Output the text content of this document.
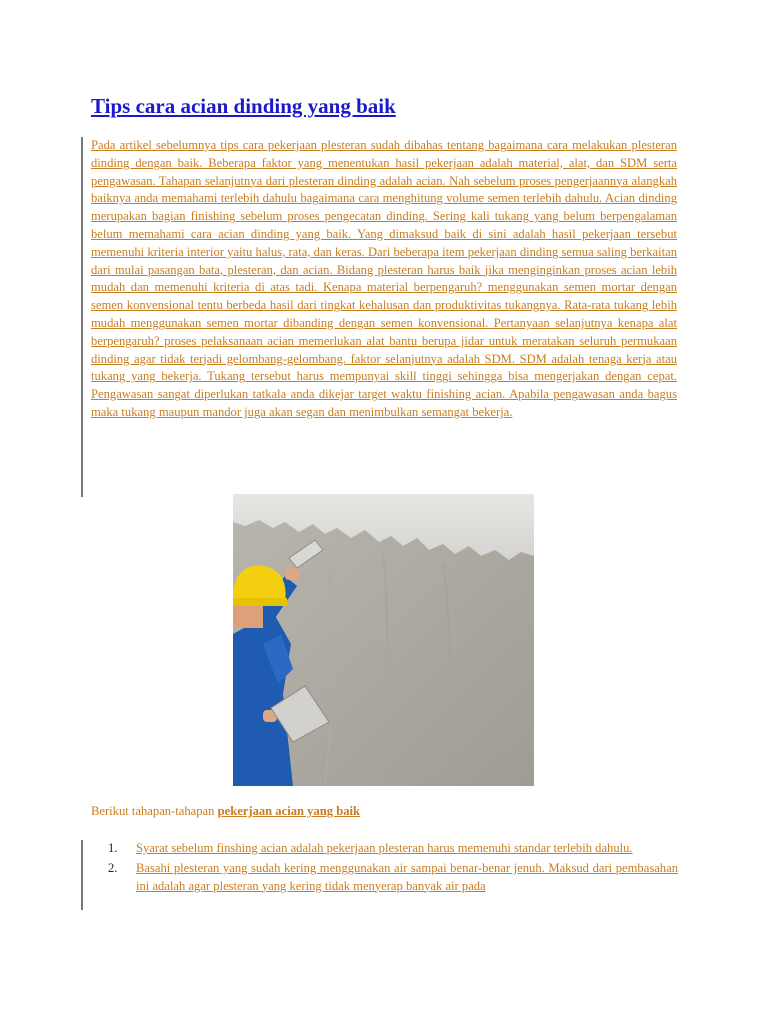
Tips cara acian dinding yang baik

Pada artikel sebelumnya tips cara pekerjaan plesteran sudah dibahas tentang bagaimana cara melakukan plesteran dinding dengan baik. Beberapa faktor yang menentukan hasil pekerjaan adalah material, alat, dan SDM serta pengawasan. Tahapan selanjutnya dari plesteran dinding adalah acian. Nah sebelum proses pengerjaannya alangkah baiknya anda memahami terlebih dahulu bagaimana cara menghitung volume semen terlebih dahulu. Acian dinding merupakan bagian finishing sebelum proses pengecatan dinding. Sering kali tukang yang belum berpengalaman belum memahami cara acian dinding yang baik. Yang dimaksud baik di sini adalah hasil pekerjaan tersebut memenuhi kriteria interior yaitu halus, rata, dan keras. Dari beberapa item pekerjaan dinding semua saling berkaitan dari mulai pasangan bata, plesteran, dan acian. Bidang plesteran harus baik jika menginginkan proses acian lebih mudah dan memenuhi kriteria di atas tadi. Kenapa material berpengaruh? menggunakan semen mortar dengan semen konvensional tentu berbeda hasil dari tingkat kehalusan dan produktivitas tukangnya. Rata-rata tukang lebih mudah menggunakan semen mortar dibanding dengan semen konvensional. Pertanyaan selanjutnya kenapa alat berpengaruh? proses pelaksanaan acian memerlukan alat bantu berupa jidar untuk meratakan seluruh permukaan dinding agar tidak terjadi gelombang-gelombang. faktor selanjutnya adalah SDM. SDM adalah tenaga kerja atau tukang yang bekerja. Tukang tersebut harus mempunyai skill tinggi sehingga bisa mengerjakan dengan cepat. Pengawasan sangat diperlukan tatkala anda dikejar target waktu finishing acian. Apabila pengawasan anda bagus maka tukang maupun mandor juga akan segan dan menimbulkan semangat bekerja.

Berikut tahapan-tahapan pekerjaan acian yang baik

1.	Syarat sebelum finshing acian adalah pekerjaan plesteran harus memenuhi standar terlebih dahulu.
2.	Basahi plesteran yang sudah kering menggunakan air sampai benar-benar jenuh. Maksud dari pembasahan ini adalah agar plesteran yang kering tidak menyerap banyak air pada
